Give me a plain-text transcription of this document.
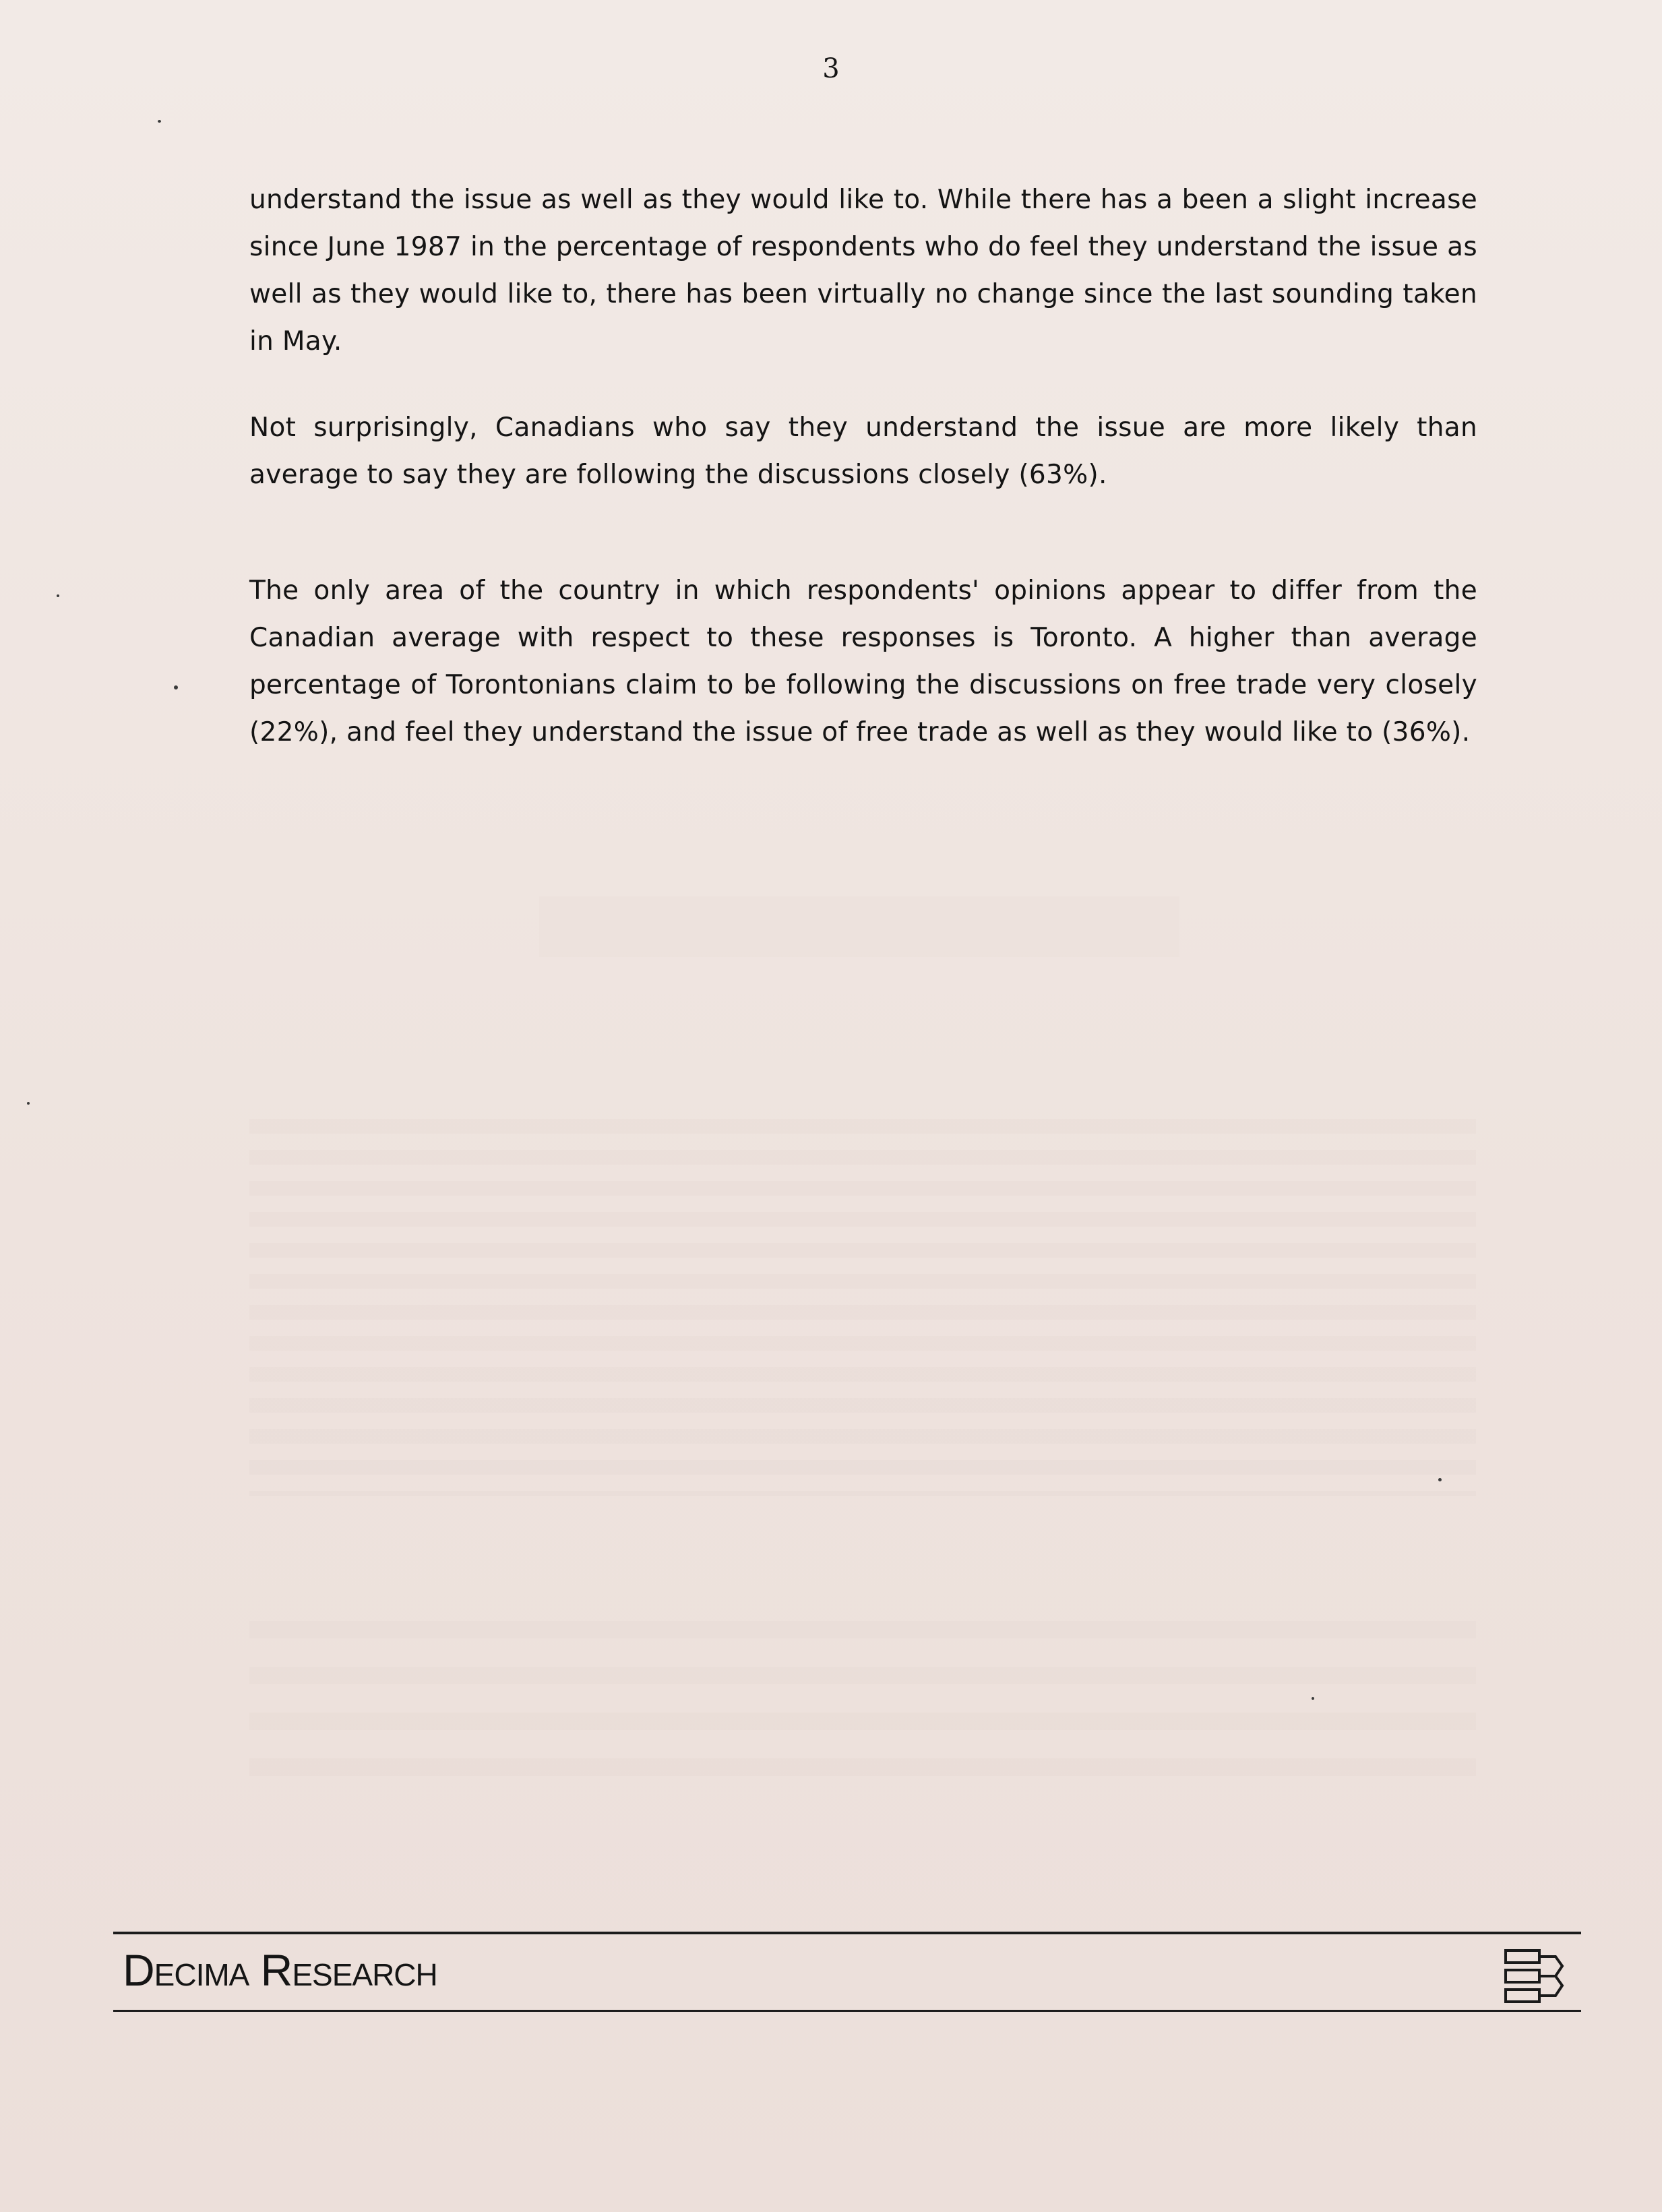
3

understand the issue as well as they would like to. While there has a been a slight increase since June 1987 in the percentage of respondents who do feel they understand the issue as well as they would like to, there has been virtually no change since the last sounding taken in May.

Not surprisingly, Canadians who say they understand the issue are more likely than average to say they are following the discussions closely (63%).

The only area of the country in which respondents' opinions appear to differ from the Canadian average with respect to these responses is Toronto. A higher than average percentage of Torontonians claim to be following the discussions on free trade very closely (22%), and feel they understand the issue of free trade as well as they would like to (36%).

Decima Research
